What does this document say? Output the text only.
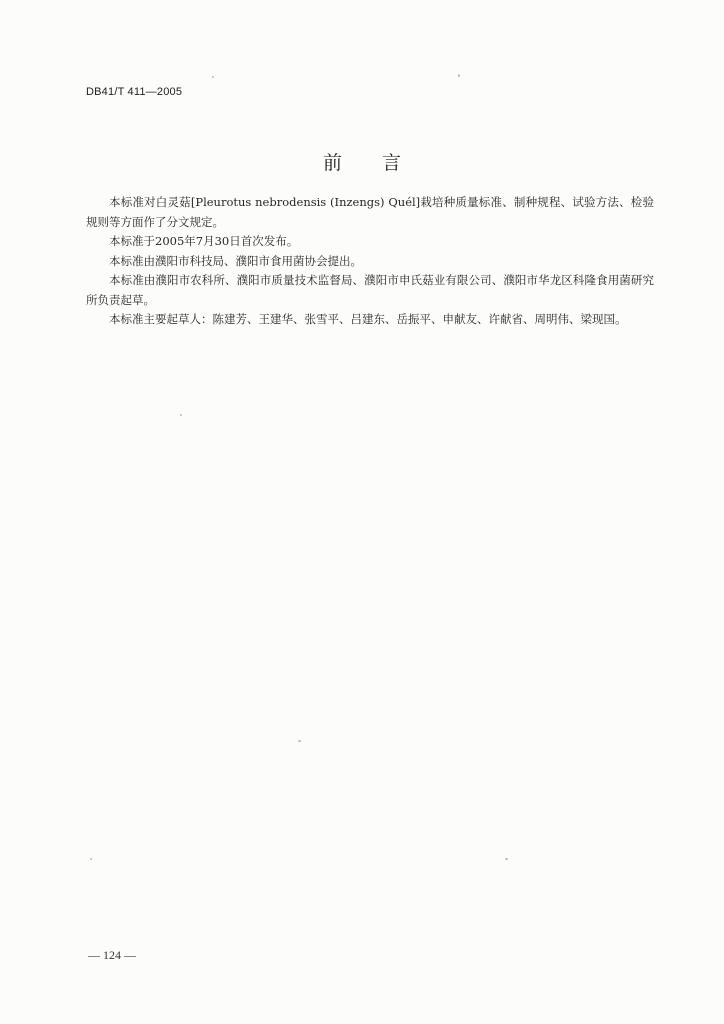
DB41/T 411—2005
前 言

本标准对白灵菇[Pleurotus nebrodensis (Inzengs) Quél]栽培种质量标准、制种规程、试验方法、检验规则等方面作了分文规定。

本标准于2005年7月30日首次发布。

本标准由濮阳市科技局、濮阳市食用菌协会提出。

本标准由濮阳市农科所、濮阳市质量技术监督局、濮阳市申氏菇业有限公司、濮阳市华龙区科隆食用菌研究所负责起草。

本标准主要起草人：陈建芳、王建华、张雪平、吕建东、岳振平、申献友、许献省、周明伟、梁现国。

— 124 —
